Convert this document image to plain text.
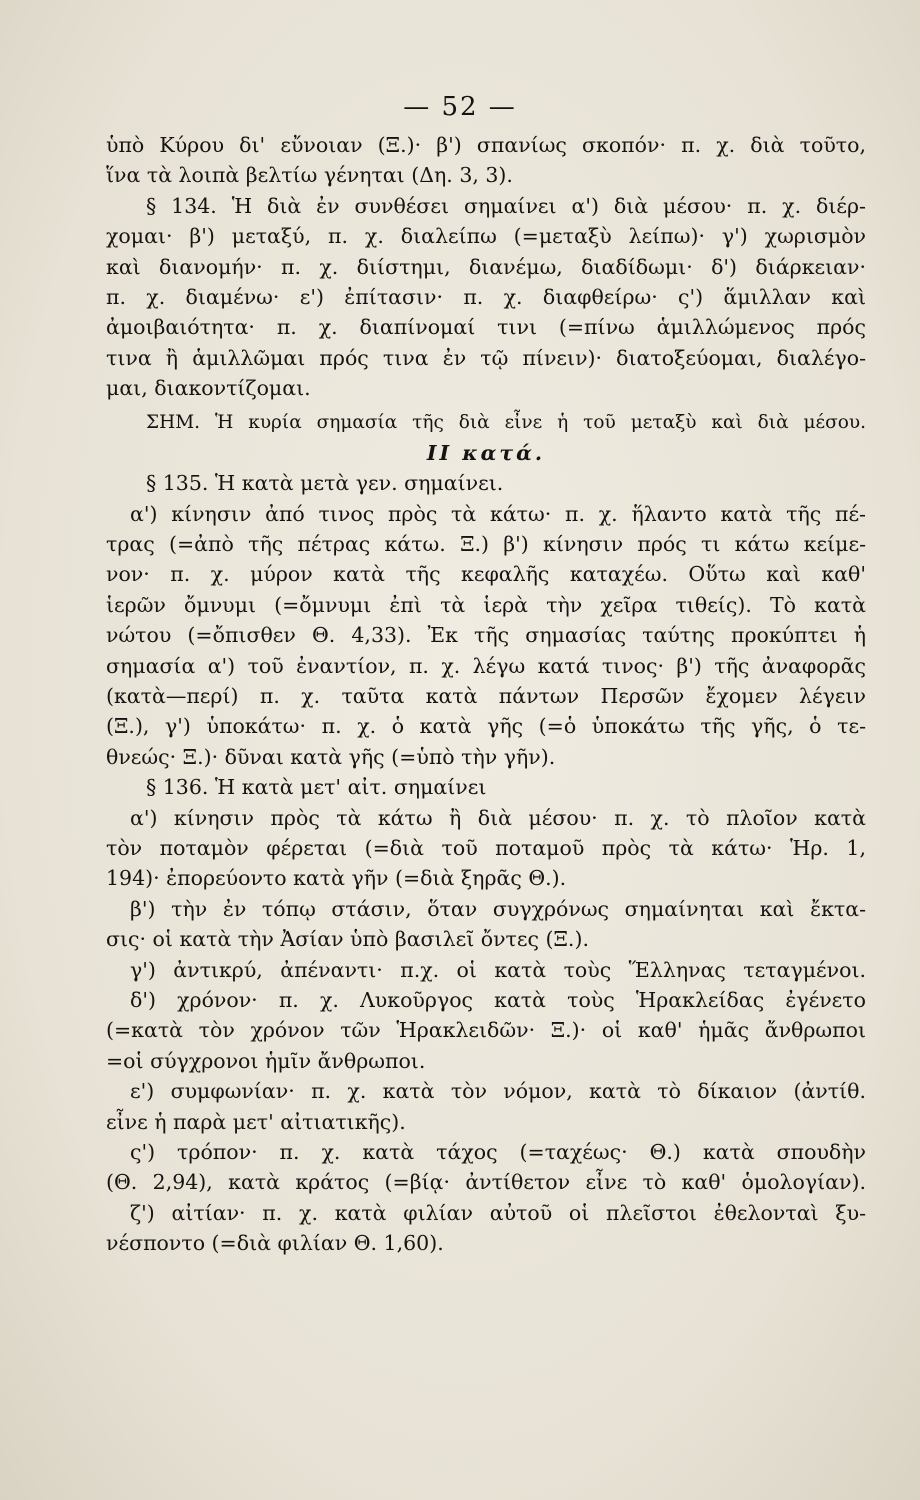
— 52 —
ὑπὸ Κύρου δι' εὔνοιαν (Ξ.)· β') σπανίως σκοπόν· π. χ. διὰ τοῦτο,
ἵνα τὰ λοιπὰ βελτίω γένηται (Δη. 3, 3).
§ 134. Ἡ διὰ ἐν συνθέσει σημαίνει α') διὰ μέσου· π. χ. διέρ-
χομαι· β') μεταξύ, π. χ. διαλείπω (=μεταξὺ λείπω)· γ') χωρισμὸν
καὶ διανομήν· π. χ. διίστημι, διανέμω, διαδίδωμι· δ') διάρκειαν·
π. χ. διαμένω· ε') ἐπίτασιν· π. χ. διαφθείρω· ς') ἅμιλλαν καὶ
ἀμοιβαιότητα· π. χ. διαπίνομαί τινι (=πίνω ἁμιλλώμενος πρός
τινα ἢ ἁμιλλῶμαι πρός τινα ἐν τῷ πίνειν)· διατοξεύομαι, διαλέγο-
μαι, διακοντίζομαι.
ΣΗΜ. Ἡ κυρία σημασία τῆς διὰ εἶνε ἡ τοῦ μεταξὺ καὶ διὰ μέσου.
ΙΙ κατά.
§ 135. Ἡ κατὰ μετὰ γεν. σημαίνει.
α') κίνησιν ἀπό τινος πρὸς τὰ κάτω· π. χ. ἥλαντο κατὰ τῆς πέ-
τρας (=ἀπὸ τῆς πέτρας κάτω. Ξ.) β') κίνησιν πρός τι κάτω κείμε-
νον· π. χ. μύρον κατὰ τῆς κεφαλῆς καταχέω. Οὕτω καὶ καθ'
ἱερῶν ὄμνυμι (=ὄμνυμι ἐπὶ τὰ ἱερὰ τὴν χεῖρα τιθείς). Τὸ κατὰ
νώτου (=ὄπισθεν Θ. 4,33). Ἐκ τῆς σημασίας ταύτης προκύπτει ἡ
σημασία α') τοῦ ἐναντίον, π. χ. λέγω κατά τινος· β') τῆς ἀναφορᾶς
(κατὰ—περί) π. χ. ταῦτα κατὰ πάντων Περσῶν ἔχομεν λέγειν
(Ξ.), γ') ὑποκάτω· π. χ. ὁ κατὰ γῆς (=ὁ ὑποκάτω τῆς γῆς, ὁ τε-
θνεώς· Ξ.)· δῦναι κατὰ γῆς (=ὑπὸ τὴν γῆν).
§ 136. Ἡ κατὰ μετ' αἰτ. σημαίνει
α') κίνησιν πρὸς τὰ κάτω ἢ διὰ μέσου· π. χ. τὸ πλοῖον κατὰ
τὸν ποταμὸν φέρεται (=διὰ τοῦ ποταμοῦ πρὸς τὰ κάτω· Ἡρ. 1,
194)· ἐπορεύοντο κατὰ γῆν (=διὰ ξηρᾶς Θ.).
β') τὴν ἐν τόπῳ στάσιν, ὅταν συγχρόνως σημαίνηται καὶ ἔκτα-
σις· οἱ κατὰ τὴν Ἀσίαν ὑπὸ βασιλεῖ ὄντες (Ξ.).
γ') ἀντικρύ, ἀπέναντι· π.χ. οἱ κατὰ τοὺς Ἕλληνας τεταγμένοι.
δ') χρόνον· π. χ. Λυκοῦργος κατὰ τοὺς Ἡρακλείδας ἐγένετο
(=κατὰ τὸν χρόνον τῶν Ἡρακλειδῶν· Ξ.)· οἱ καθ' ἡμᾶς ἄνθρωποι
=οἱ σύγχρονοι ἡμῖν ἄνθρωποι.
ε') συμφωνίαν· π. χ. κατὰ τὸν νόμον, κατὰ τὸ δίκαιον (ἀντίθ.
εἶνε ἡ παρὰ μετ' αἰτιατικῆς).
ς') τρόπον· π. χ. κατὰ τάχος (=ταχέως· Θ.) κατὰ σπουδὴν
(Θ. 2,94), κατὰ κράτος (=βίᾳ· ἀντίθετον εἶνε τὸ καθ' ὁμολογίαν).
ζ') αἰτίαν· π. χ. κατὰ φιλίαν αὐτοῦ οἱ πλεῖστοι ἐθελονταὶ ξυ-
νέσποντο (=διὰ φιλίαν Θ. 1,60).
